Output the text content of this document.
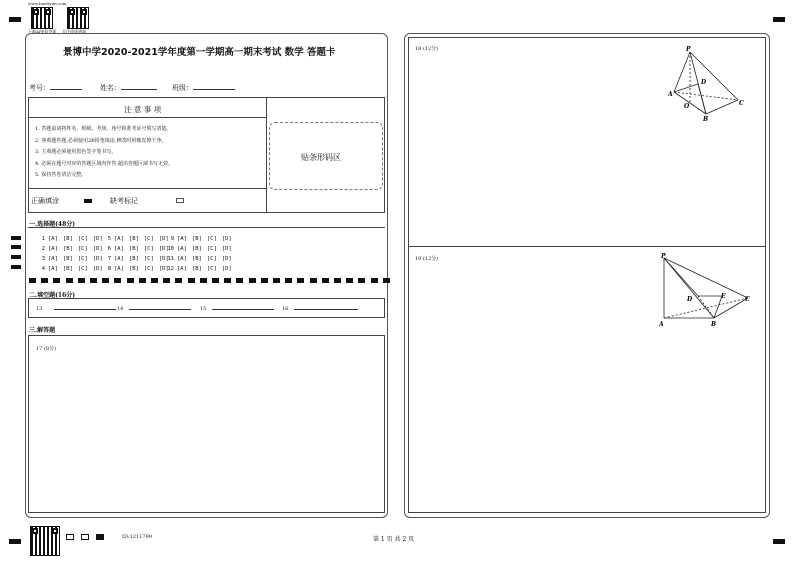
www.baotiyun.com
下载APP看答案 关注成绩通知
景博中学2020-2021学年度第一学期高一期末考试 数学 答题卡
考号：	姓名：	班级：
注 意 事 项
1. 答题前请将姓名、班级、考场、座号和准考证号填写清楚。
2. 客观题答题,必须使用2B铅笔填涂,修改时用橡皮擦干净。
3. 主观题必须使用黑色签字笔书写。
4. 必须在题号对应的答题区域内作答,超出答题区域书写无效。
5. 保持答卷清洁完整。
正确填涂	缺考标记
贴条形码区
一.选择题(48分)
1 [A] [B] [C] [D]
2 [A] [B] [C] [D]
3 [A] [B] [C] [D]
4 [A] [B] [C] [D]
5 [A] [B] [C] [D]
6 [A] [B] [C] [D]
7 [A] [B] [C] [D]
8 [A] [B] [C] [D]
9 [A] [B] [C] [D]
10 [A] [B] [C] [D]
11 [A] [B] [C] [D]
12 [A] [B] [C] [D]
二.填空题(16分)
13	14	15	16
三.解答题
17 (8分)
18 (12分)
19 (12分)
P
D
A
O
B
C
P
D	E	C
A	B
ID:1211799	第 1 页 共 2 页
